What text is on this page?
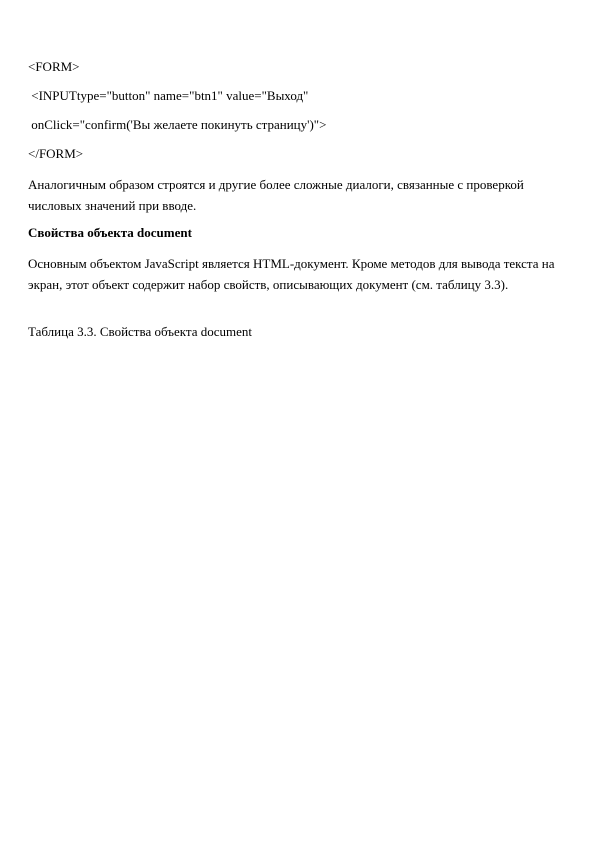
<FORM>
<INPUTtype="button" name="btn1" value="Выход"
onClick="confirm('Вы желаете покинуть страницу')">
</FORM>
Аналогичным образом строятся и другие более сложные диалоги, связанные с проверкой числовых значений при вводе.
Свойства объекта document
Основным объектом JavaScript является HTML-документ. Кроме методов для вывода текста на экран, этот объект содержит набор свойств, описывающих документ (см. таблицу 3.3).
Таблица 3.3. Свойства объекта document
